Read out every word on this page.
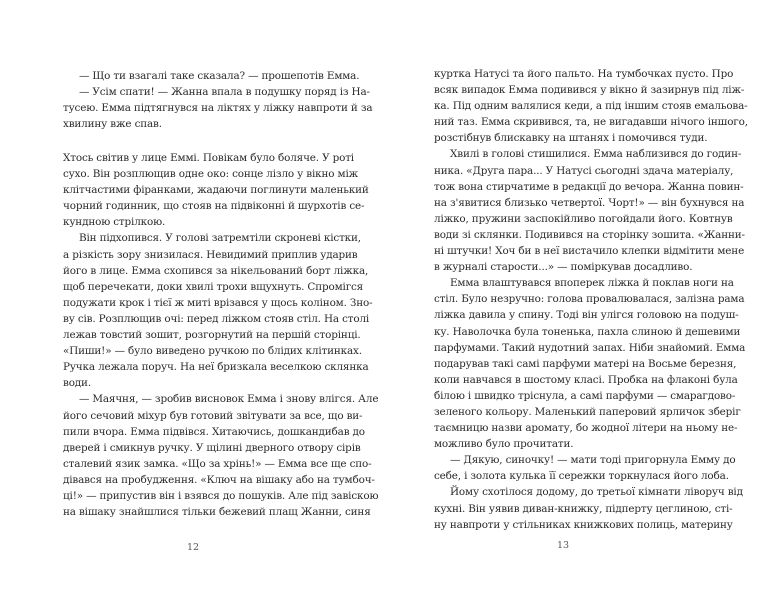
— Що ти взагалі таке сказала? — прошепотів Емма.
— Усім спати! — Жанна впала в подушку поряд із На-
тусею. Емма підтягнувся на ліктях у ліжку навпроти й за
хвилину вже спав.
Хтось світив у лице Еммі. Повікам було боляче. У роті
сухо. Він розплющив одне око: сонце лізло у вікно між
клітчастими фіранками, жадаючи поглинути маленький
чорний годинник, що стояв на підвіконні й шурхотів се-
кундною стрілкою.
Він підхопився. У голові затремтіли скроневі кістки,
а різкість зору знизилася. Невидимий приплив ударив
його в лице. Емма схопився за нікельований борт ліжка,
щоб перечекати, доки хвилі трохи вщухнуть. Спромігся
подужати крок і тієї ж миті врізався у щось коліном. Зно-
ву сів. Розплющив очі: перед ліжком стояв стіл. На столі
лежав товстий зошит, розгорнутий на першій сторінці.
«Пиши!» — було виведено ручкою по блідих клітинках.
Ручка лежала поруч. На неї бризкала веселкою склянка
води.
— Маячня, — зробив висновок Емма і знову влігся. Але
його сечовий міхур був готовий звітувати за все, що ви-
пили вчора. Емма підвівся. Хитаючись, дошкандибав до
дверей і смикнув ручку. У щілині дверного отвору сірів
сталевий язик замка. «Що за хрінь!» — Емма все ще спо-
дівався на пробудження. «Ключ на вішаку або на тумбоч-
ці!» — припустив він і взявся до пошуків. Але під завіскою
на вішаку знайшлися тільки бежевий плащ Жанни, синя
12
куртка Натусі та його пальто. На тумбочках пусто. Про
всяк випадок Емма подивився у вікно й зазирнув під ліж-
ка. Під одним валялися кеди, а під іншим стояв емальова-
ний таз. Емма скривився, та, не вигадавши нічого іншого,
розстібнув блискавку на штанях і помочився туди.
Хвилі в голові стишилися. Емма наблизився до годин-
ника. «Друга пара... У Натусі сьогодні здача матеріалу,
тож вона стирчатиме в редакції до вечора. Жанна повин-
на з'явитися близько четвертої. Чорт!» — він бухнувся на
ліжко, пружини заспокійливо погойдали його. Ковтнув
води зі склянки. Подивився на сторінку зошита. «Жанни-
ні штучки! Хоч би в неї вистачило клепки відмітити мене
в журналі старости...» — поміркував досадливо.
Емма влаштувався впоперек ліжка й поклав ноги на
стіл. Було незручно: голова провалювалася, залізна рама
ліжка давила у спину. Тоді він улігся головою на подуш-
ку. Наволочка була тоненька, пахла слиною й дешевими
парфумами. Такий нудотний запах. Ніби знайомий. Емма
подарував такі самі парфуми матері на Восьме березня,
коли навчався в шостому класі. Пробка на флаконі була
білою і швидко тріснула, а самі парфуми — смарагдово-
зеленого кольору. Маленький паперовий ярличок зберіг
таємницю назви аромату, бо жодної літери на ньому не-
можливо було прочитати.
— Дякую, синочку! — мати тоді пригорнула Емму до
себе, і золота кулька її сережки торкнулася його лоба.
Йому схотілося додому, до третьої кімнати ліворуч від
кухні. Він уявив диван-книжку, підперту цеглиною, сті-
ну навпроти у стільниках книжкових полиць, материну
13
